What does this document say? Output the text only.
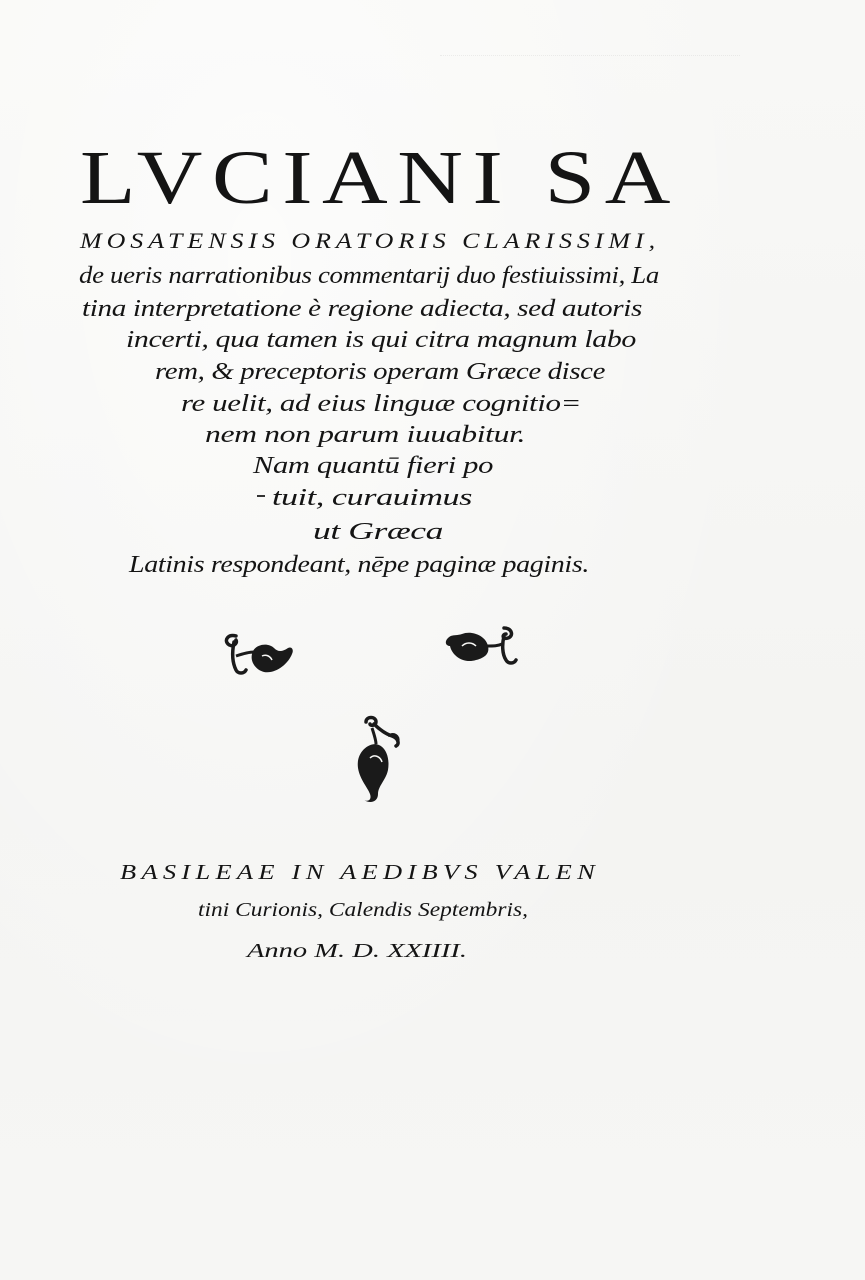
LVCIANI SA

MOSATENSIS ORATORIS CLARISSIMI,

de ueris narrationibus commentarij duo festiuissimi, La

tina interpretatione è regione adiecta, sed autoris

incerti, qua tamen is qui citra magnum labo

rem, & preceptoris operam Græce disce

re uelit, ad eius linguæ cognitio=

nem non parum iuuabitur.

Nam quantū fieri po

tuit, curauimus

ut Græca

Latinis respondeant, nēpe paginæ paginis.

BASILEAE IN AEDIBVS VALEN

tini Curionis, Calendis Septembris,

Anno M. D. XXIIII.
